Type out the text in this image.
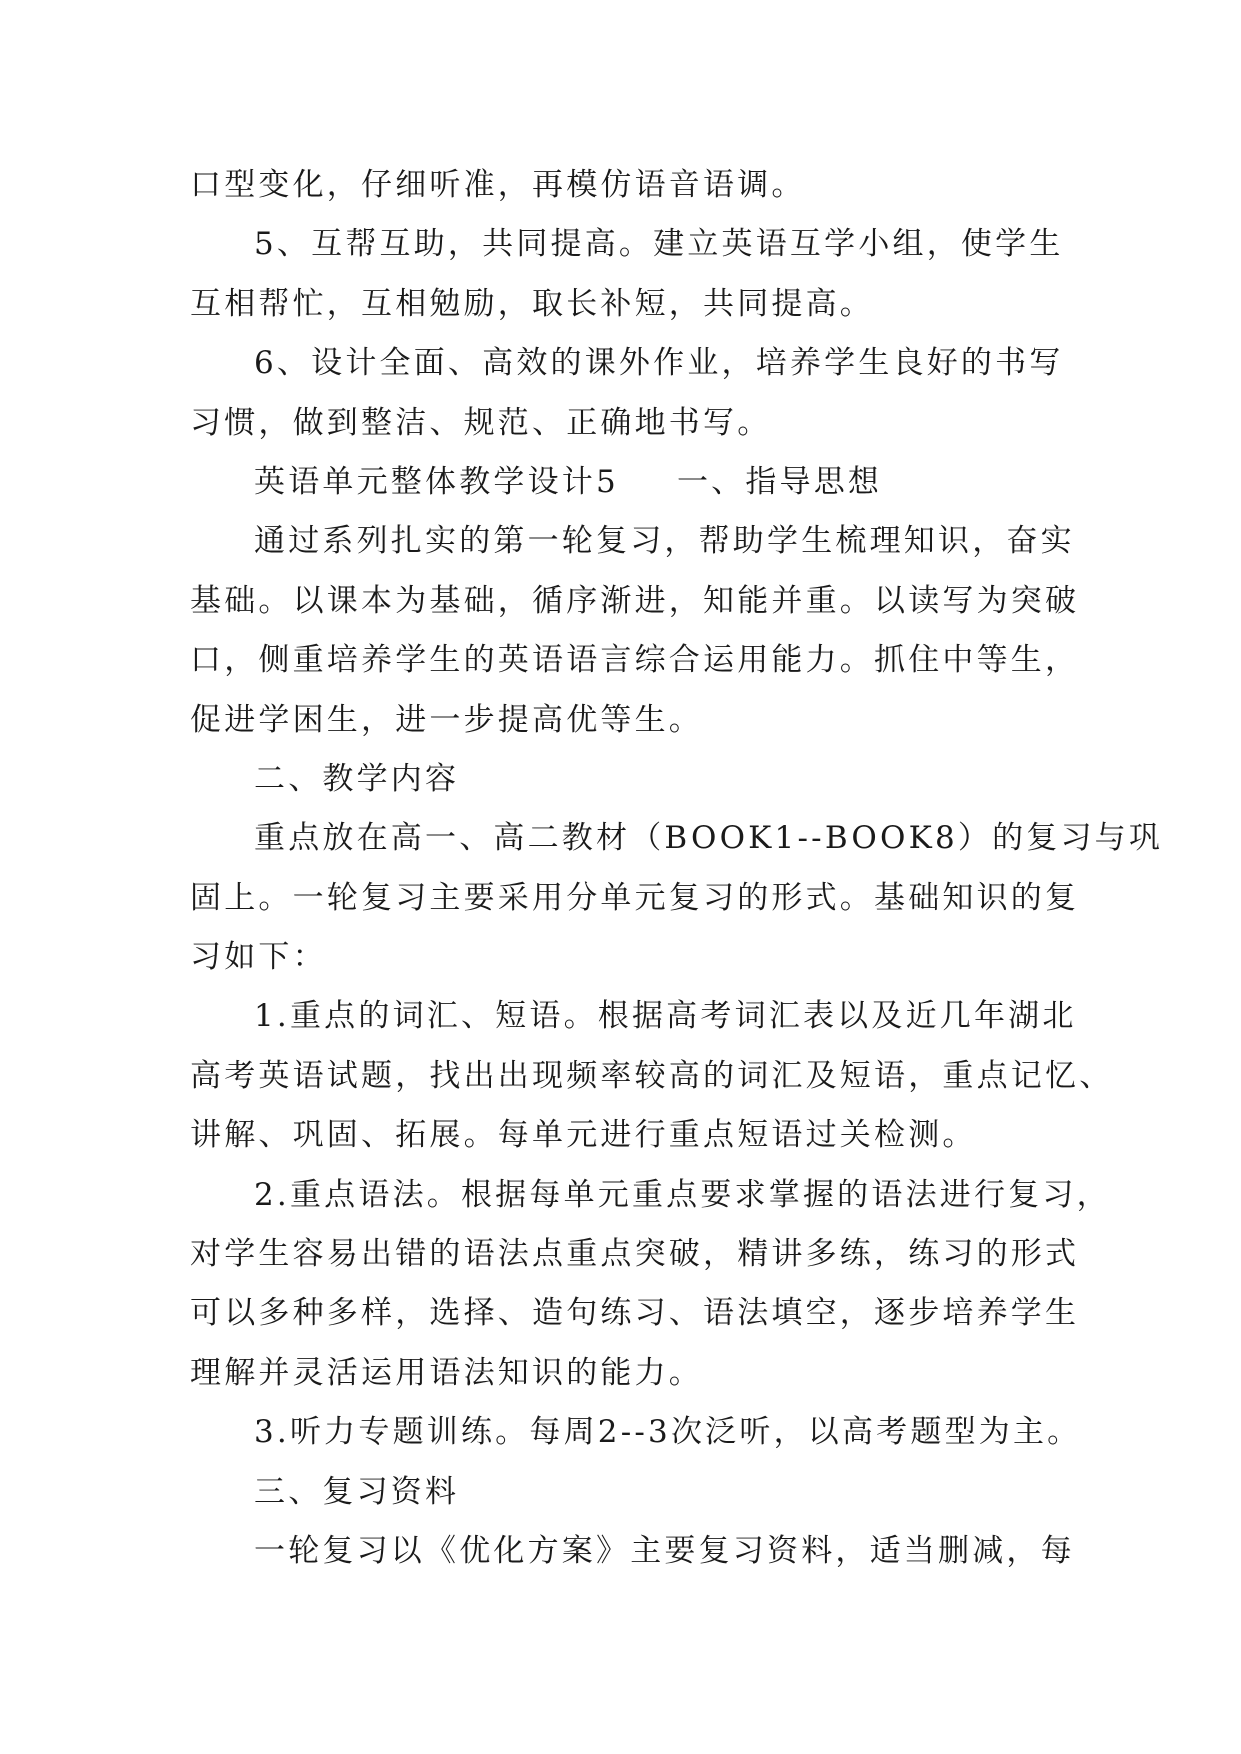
口型变化，仔细听准，再模仿语音语调。
5、互帮互助，共同提高。建立英语互学小组，使学生
互相帮忙，互相勉励，取长补短，共同提高。
6、设计全面、高效的课外作业，培养学生良好的书写
习惯，做到整洁、规范、正确地书写。
英语单元整体教学设计5 一、指导思想
通过系列扎实的第一轮复习，帮助学生梳理知识，奋实
基础。以课本为基础，循序渐进，知能并重。以读写为突破
口，侧重培养学生的英语语言综合运用能力。抓住中等生，
促进学困生，进一步提高优等生。
二、教学内容
重点放在高一、高二教材（BOOK1--BOOK8）的复习与巩
固上。一轮复习主要采用分单元复习的形式。基础知识的复
习如下：
1.重点的词汇、短语。根据高考词汇表以及近几年湖北
高考英语试题，找出出现频率较高的词汇及短语，重点记忆、
讲解、巩固、拓展。每单元进行重点短语过关检测。
2.重点语法。根据每单元重点要求掌握的语法进行复习，
对学生容易出错的语法点重点突破，精讲多练，练习的形式
可以多种多样，选择、造句练习、语法填空，逐步培养学生
理解并灵活运用语法知识的能力。
3.听力专题训练。每周2--3次泛听，以高考题型为主。
三、复习资料
一轮复习以《优化方案》主要复习资料，适当删减，每
